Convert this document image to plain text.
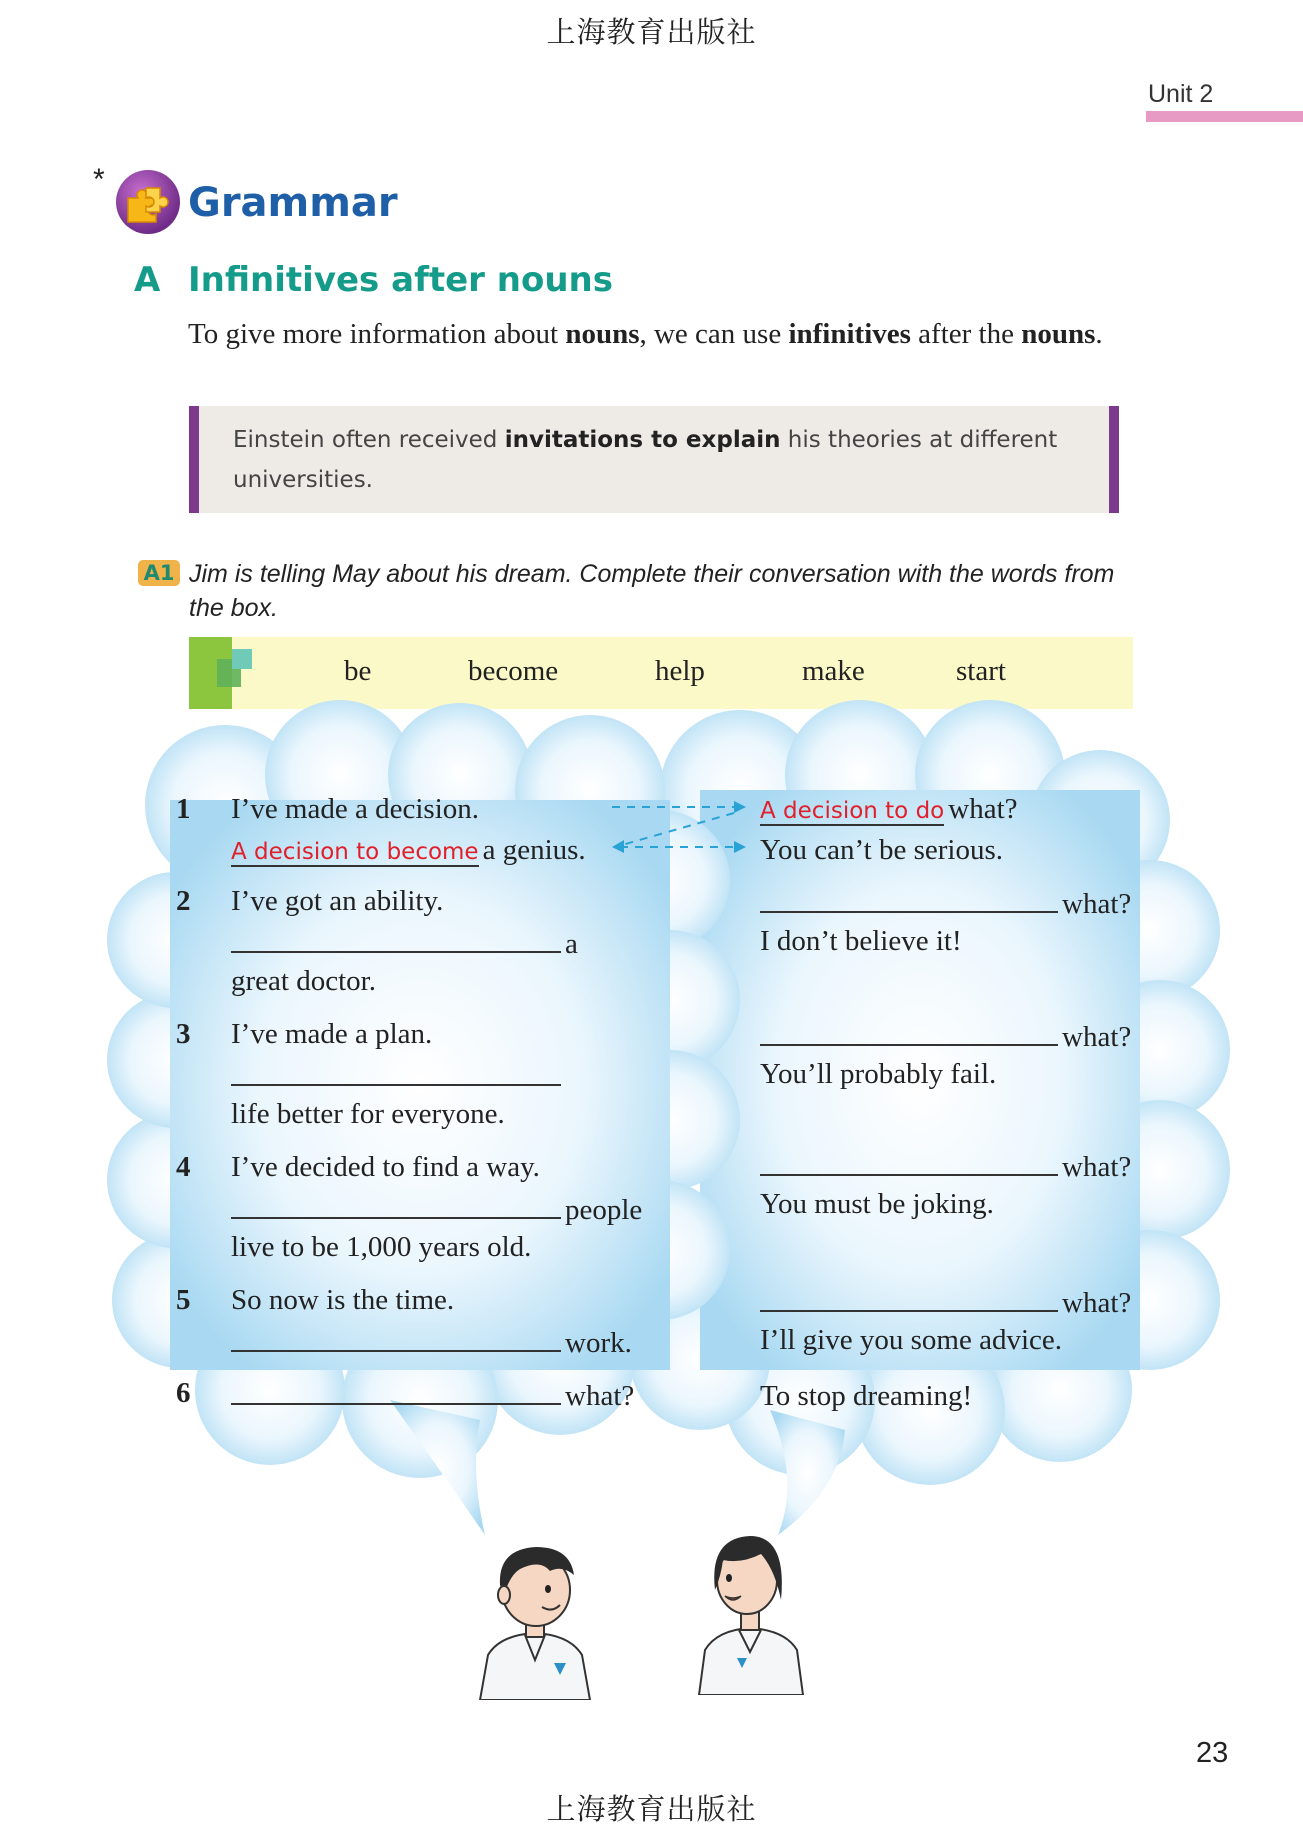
上海教育出版社
Unit 2
*
Grammar
A Infinitives after nouns
To give more information about nouns, we can use infinitives after the nouns.
Einstein often received invitations to explain his theories at different universities.
A1 Jim is telling May about his dream. Complete their conversation with the words from the box.
be	become	help	make	start
1 I’ve made a decision.
A decision to become a genius.
2 I’ve got an ability.
a
great doctor.
3 I’ve made a plan.
life better for everyone.
4 I’ve decided to find a way.
people
live to be 1,000 years old.
5 So now is the time.
work.
6	what?
A decision to do what?
You can’t be serious.
what?
I don’t believe it!
what?
You’ll probably fail.
what?
You must be joking.
what?
I’ll give you some advice.
To stop dreaming!
23
上海教育出版社
